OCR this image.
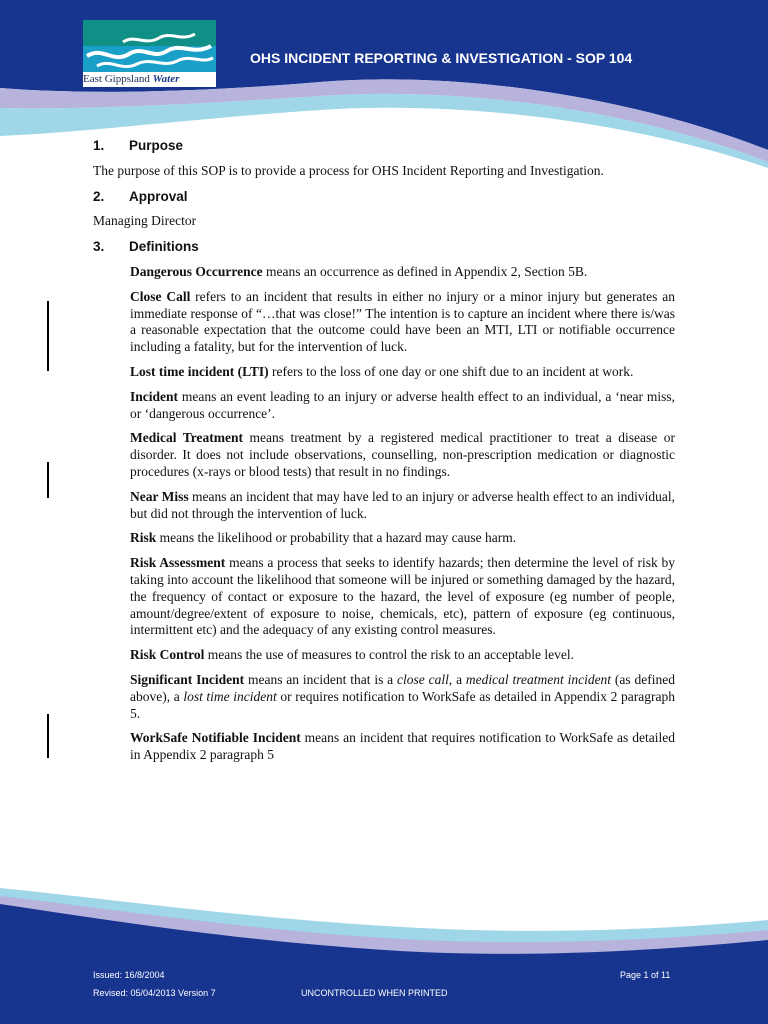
East Gippsland Water
OHS INCIDENT REPORTING & INVESTIGATION - SOP 104
1.	Purpose

The purpose of this SOP is to provide a process for OHS Incident Reporting and Investigation.

2.	Approval

Managing Director

3.	Definitions

Dangerous Occurrence means an occurrence as defined in Appendix 2, Section 5B.

Close Call refers to an incident that results in either no injury or a minor injury but generates an immediate response of “…that was close!” The intention is to capture an incident where there is/was a reasonable expectation that the outcome could have been an MTI, LTI or notifiable occurrence including a fatality, but for the intervention of luck.

Lost time incident (LTI) refers to the loss of one day or one shift due to an incident at work.

Incident means an event leading to an injury or adverse health effect to an individual, a ‘near miss, or ‘dangerous occurrence’.

Medical Treatment means treatment by a registered medical practitioner to treat a disease or disorder. It does not include observations, counselling, non-prescription medication or diagnostic procedures (x-rays or blood tests) that result in no findings.

Near Miss means an incident that may have led to an injury or adverse health effect to an individual, but did not through the intervention of luck.

Risk means the likelihood or probability that a hazard may cause harm.

Risk Assessment means a process that seeks to identify hazards; then determine the level of risk by taking into account the likelihood that someone will be injured or something damaged by the hazard, the frequency of contact or exposure to the hazard, the level of exposure (eg number of people, amount/degree/extent of exposure to noise, chemicals, etc), pattern of exposure (eg continuous, intermittent etc) and the adequacy of any existing control measures.

Risk Control means the use of measures to control the risk to an acceptable level.

Significant Incident means an incident that is a close call, a medical treatment incident (as defined above), a lost time incident or requires notification to WorkSafe as detailed in Appendix 2 paragraph 5.

WorkSafe Notifiable Incident means an incident that requires notification to WorkSafe as detailed in Appendix 2 paragraph 5

Issued: 16/8/2004
Revised: 05/04/2013 Version 7	UNCONTROLLED WHEN PRINTED
Page 1 of 11
